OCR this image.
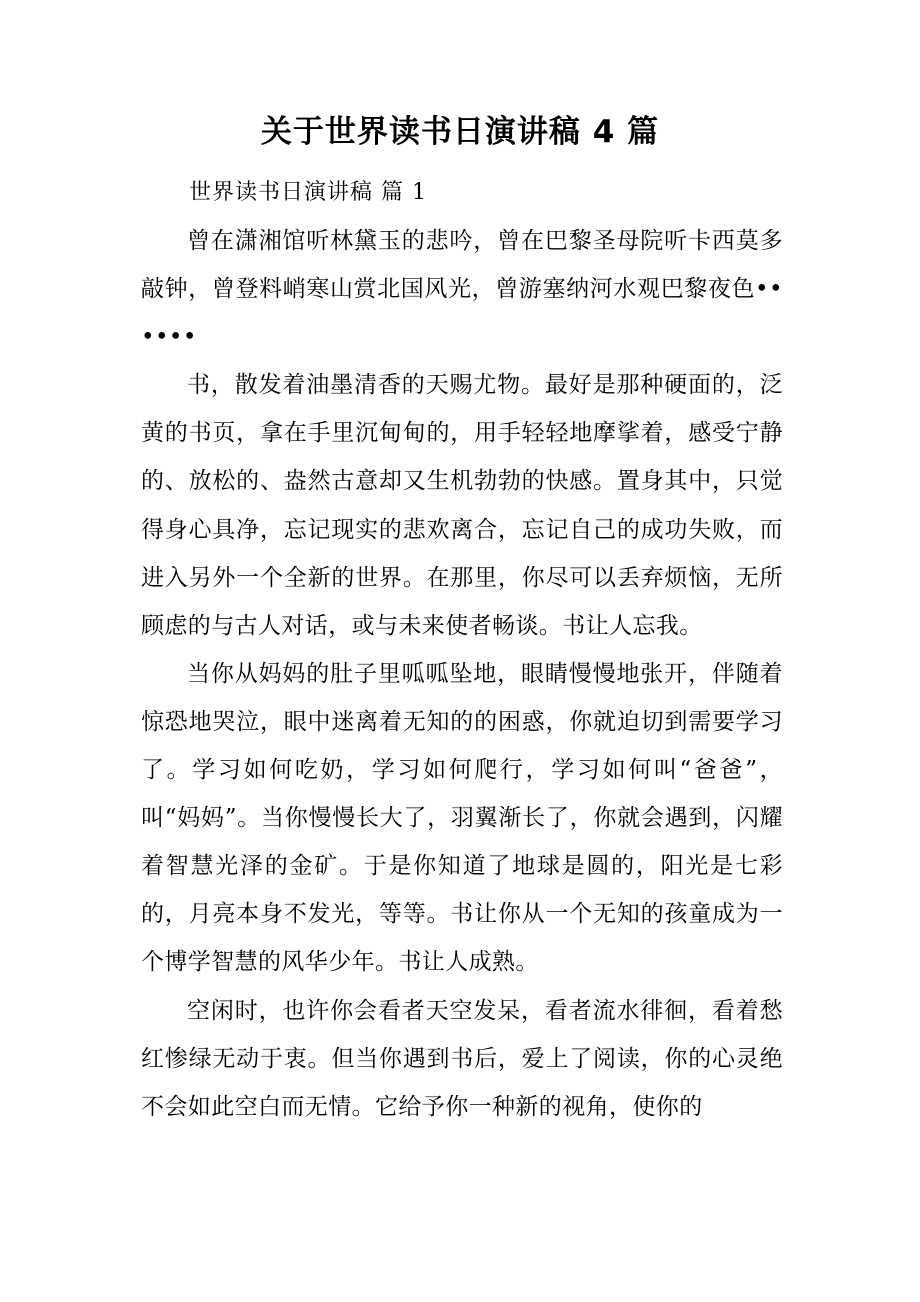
关于世界读书日演讲稿 4 篇

世界读书日演讲稿 篇 1

曾在潇湘馆听林黛玉的悲吟，曾在巴黎圣母院听卡西莫多敲钟，曾登料峭寒山赏北国风光，曾游塞纳河水观巴黎夜色••••••

书，散发着油墨清香的天赐尤物。最好是那种硬面的，泛黄的书页，拿在手里沉甸甸的，用手轻轻地摩挲着，感受宁静的、放松的、盎然古意却又生机勃勃的快感。置身其中，只觉得身心具净，忘记现实的悲欢离合，忘记自己的成功失败，而进入另外一个全新的世界。在那里，你尽可以丢弃烦恼，无所顾虑的与古人对话，或与未来使者畅谈。书让人忘我。

当你从妈妈的肚子里呱呱坠地，眼睛慢慢地张开，伴随着惊恐地哭泣，眼中迷离着无知的的困惑，你就迫切到需要学习了。学习如何吃奶，学习如何爬行，学习如何叫“爸爸”，叫“妈妈”。当你慢慢长大了，羽翼渐长了，你就会遇到，闪耀着智慧光泽的金矿。于是你知道了地球是圆的，阳光是七彩的，月亮本身不发光，等等。书让你从一个无知的孩童成为一个博学智慧的风华少年。书让人成熟。

空闲时，也许你会看者天空发呆，看者流水徘徊，看着愁红惨绿无动于衷。但当你遇到书后，爱上了阅读，你的心灵绝不会如此空白而无情。它给予你一种新的视角，使你的
